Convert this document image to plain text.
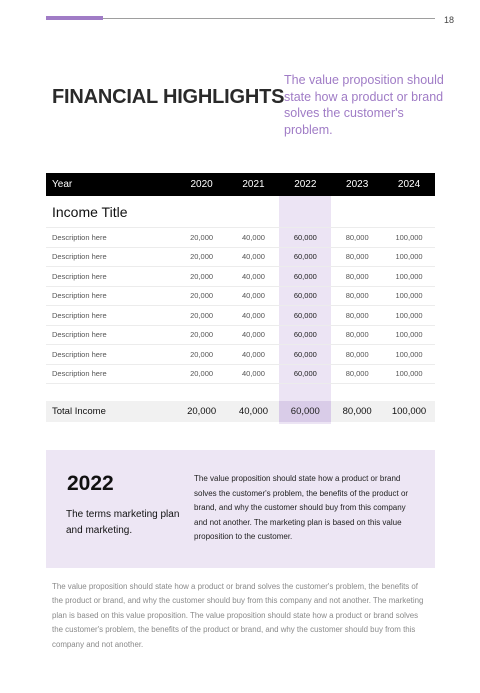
18
FINANCIAL HIGHLIGHTS
The value proposition should state how a product or brand solves the customer's problem.
Year	2020	2021	2022	2023	2024
Income Title
Description here	20,000	40,000	60,000	80,000	100,000
Description here	20,000	40,000	60,000	80,000	100,000
Description here	20,000	40,000	60,000	80,000	100,000
Description here	20,000	40,000	60,000	80,000	100,000
Description here	20,000	40,000	60,000	80,000	100,000
Description here	20,000	40,000	60,000	80,000	100,000
Description here	20,000	40,000	60,000	80,000	100,000
Description here	20,000	40,000	60,000	80,000	100,000
Total Income	20,000	40,000	60,000	80,000	100,000
2022
The terms marketing plan and marketing.
The value proposition should state how a product or brand solves the customer's problem, the benefits of the product or brand, and why the customer should buy from this company and not another. The marketing plan is based on this value proposition to the customer.
The value proposition should state how a product or brand solves the customer's problem, the benefits of the product or brand, and why the customer should buy from this company and not another. The marketing plan is based on this value proposition. The value proposition should state how a product or brand solves the customer's problem, the benefits of the product or brand, and why the customer should buy from this company and not another.
